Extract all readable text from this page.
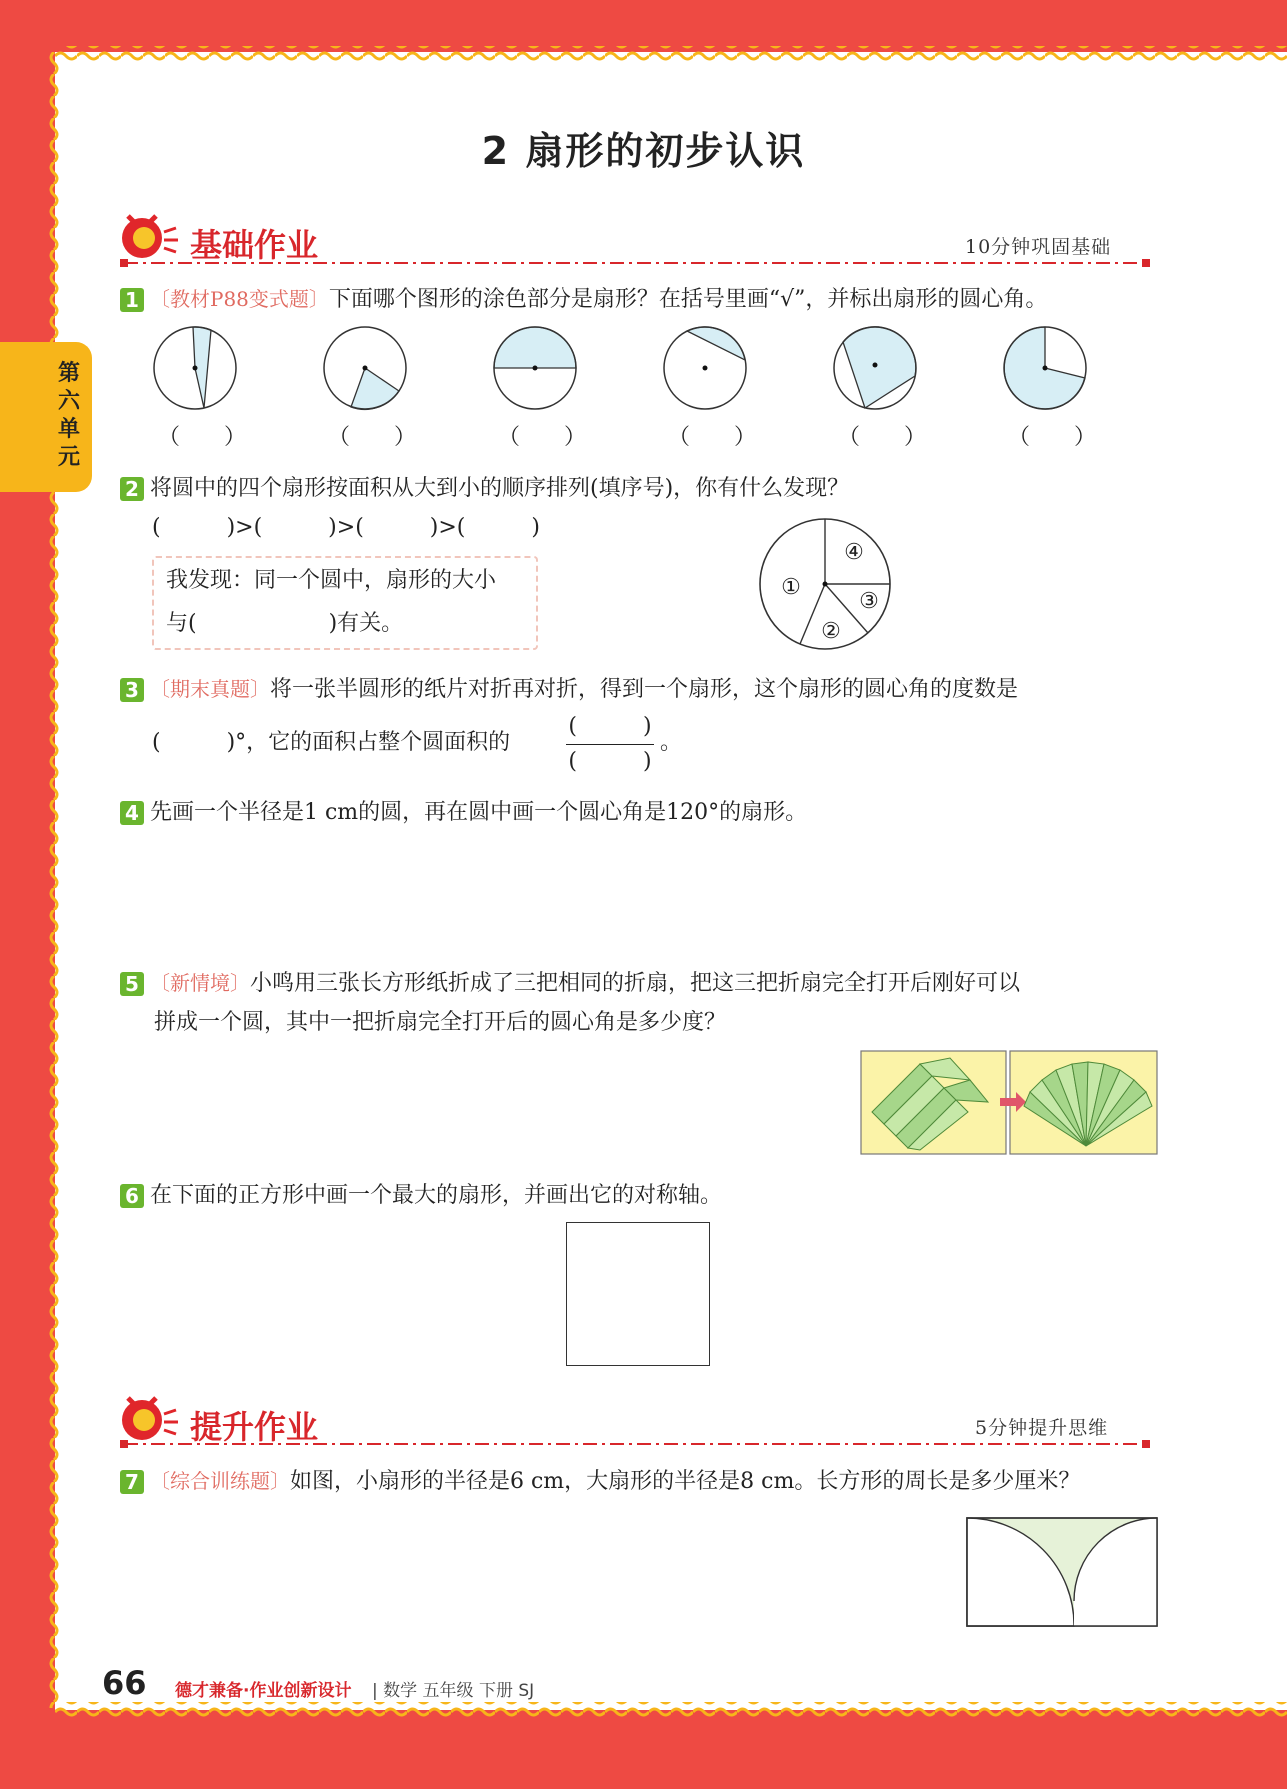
第六单元
2 扇形的初步认识
基础作业	10分钟巩固基础
1 〔教材P88变式题〕下面哪个图形的涂色部分是扇形？在括号里画“√”，并标出扇形的圆心角。
（　　）	（　　）	（　　）	（　　）	（　　）	（　　）
2 将圆中的四个扇形按面积从大到小的顺序排列(填序号)，你有什么发现？
(　　　)>(　　　)>(　　　)>(　　　)
我发现：同一个圆中，扇形的大小
与(　　　　　　)有关。
①
②
③
④
3 〔期末真题〕将一张半圆形的纸片对折再对折，得到一个扇形，这个扇形的圆心角的度数是
(　　　)°，它的面积占整个圆面积的
(　　　)
(　　　)
。
4 先画一个半径是1 cm的圆，再在圆中画一个圆心角是120°的扇形。
5 〔新情境〕小鸣用三张长方形纸折成了三把相同的折扇，把这三把折扇完全打开后刚好可以
拼成一个圆，其中一把折扇完全打开后的圆心角是多少度？
6 在下面的正方形中画一个最大的扇形，并画出它的对称轴。
提升作业	5分钟提升思维
7 〔综合训练题〕如图，小扇形的半径是6 cm，大扇形的半径是8 cm。长方形的周长是多少厘米？
66 德才兼备·作业创新设计 | 数学 五年级 下册 SJ
